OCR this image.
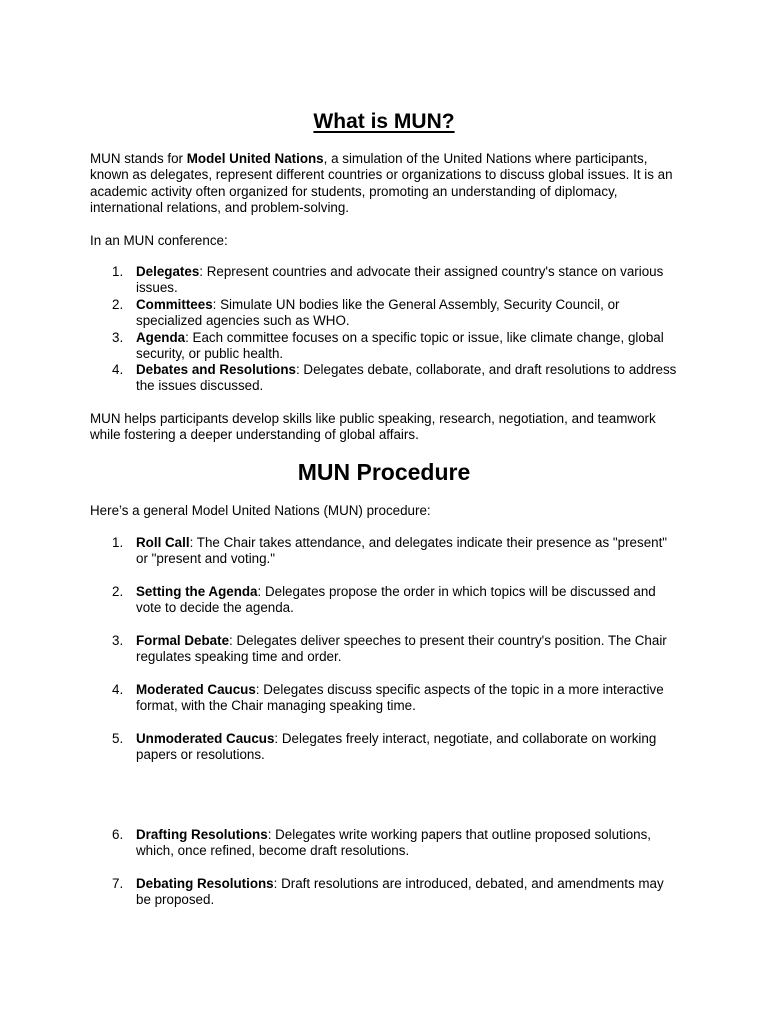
What is MUN?

MUN stands for Model United Nations, a simulation of the United Nations where participants, known as delegates, represent different countries or organizations to discuss global issues. It is an academic activity often organized for students, promoting an understanding of diplomacy, international relations, and problem-solving.

In an MUN conference:

1. Delegates: Represent countries and advocate their assigned country's stance on various issues.
2. Committees: Simulate UN bodies like the General Assembly, Security Council, or specialized agencies such as WHO.
3. Agenda: Each committee focuses on a specific topic or issue, like climate change, global security, or public health.
4. Debates and Resolutions: Delegates debate, collaborate, and draft resolutions to address the issues discussed.

MUN helps participants develop skills like public speaking, research, negotiation, and teamwork while fostering a deeper understanding of global affairs.

MUN Procedure

Here’s a general Model United Nations (MUN) procedure:

1. Roll Call: The Chair takes attendance, and delegates indicate their presence as "present" or "present and voting."
2. Setting the Agenda: Delegates propose the order in which topics will be discussed and vote to decide the agenda.
3. Formal Debate: Delegates deliver speeches to present their country's position. The Chair regulates speaking time and order.
4. Moderated Caucus: Delegates discuss specific aspects of the topic in a more interactive format, with the Chair managing speaking time.
5. Unmoderated Caucus: Delegates freely interact, negotiate, and collaborate on working papers or resolutions.
6. Drafting Resolutions: Delegates write working papers that outline proposed solutions, which, once refined, become draft resolutions.
7. Debating Resolutions: Draft resolutions are introduced, debated, and amendments may be proposed.
